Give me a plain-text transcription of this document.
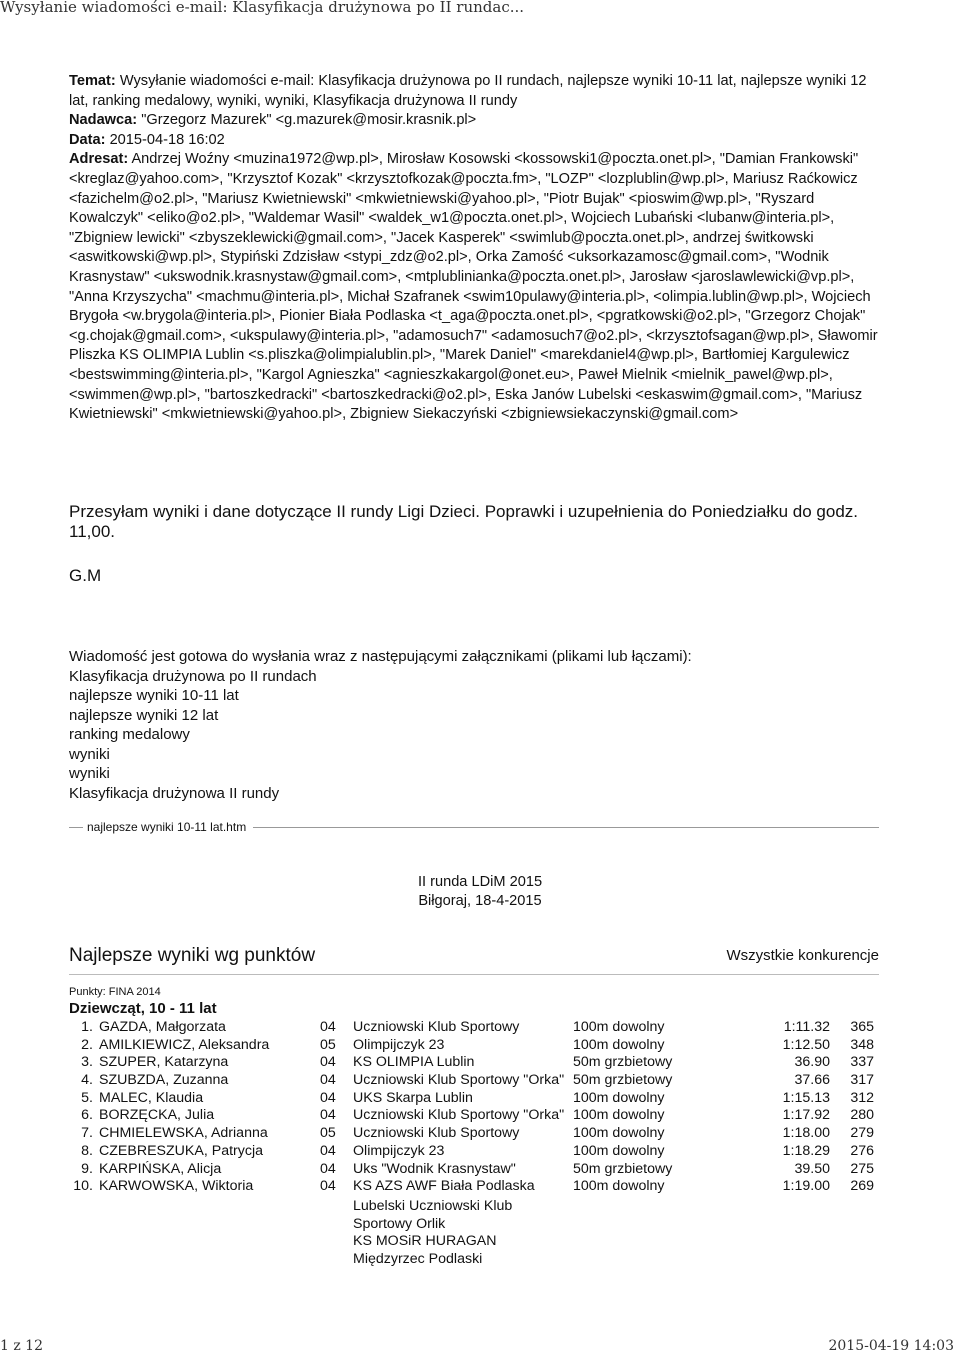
Wysyłanie wiadomości e-mail: Klasyfikacja drużynowa po II rundac...
Temat: Wysyłanie wiadomości e-mail: Klasyfikacja drużynowa po II rundach, najlepsze wyniki 10-11 lat, najlepsze wyniki 12 lat, ranking medalowy, wyniki, wyniki, Klasyfikacja drużynowa II rundy
Nadawca: "Grzegorz Mazurek" <g.mazurek@mosir.krasnik.pl>
Data: 2015-04-18 16:02
Adresat: Andrzej Woźny <muzina1972@wp.pl>, Mirosław Kosowski <kossowski1@poczta.onet.pl>, "Damian Frankowski" <kreglaz@yahoo.com>, "Krzysztof Kozak" <krzysztofkozak@poczta.fm>, "LOZP" <lozplublin@wp.pl>, Mariusz Raćkowicz <fazichelm@o2.pl>, "Mariusz Kwietniewski" <mkwietniewski@yahoo.pl>, "Piotr Bujak" <pioswim@wp.pl>, "Ryszard Kowalczyk" <eliko@o2.pl>, "Waldemar Wasil" <waldek_w1@poczta.onet.pl>, Wojciech Lubański <lubanw@interia.pl>, "Zbigniew lewicki" <zbyszeklewicki@gmail.com>, "Jacek Kasperek" <swimlub@poczta.onet.pl>, andrzej świtkowski <aswitkowski@wp.pl>, Stypiński Zdzisław <stypi_zdz@o2.pl>, Orka Zamość <uksorkazamosc@gmail.com>, "Wodnik Krasnystaw" <ukswodnik.krasnystaw@gmail.com>, <mtplublinianka@poczta.onet.pl>, Jarosław <jaroslawlewicki@vp.pl>, "Anna Krzyszycha" <machmu@interia.pl>, Michał Szafranek <swim10pulawy@interia.pl>, <olimpia.lublin@wp.pl>, Wojciech Brygoła <w.brygola@interia.pl>, Pionier Biała Podlaska <t_aga@poczta.onet.pl>, <pgratkowski@o2.pl>, "Grzegorz Chojak" <g.chojak@gmail.com>, <ukspulawy@interia.pl>, "adamosuch7" <adamosuch7@o2.pl>, <krzysztofsagan@wp.pl>, Sławomir Pliszka KS OLIMPIA Lublin <s.pliszka@olimpialublin.pl>, "Marek Daniel" <marekdaniel4@wp.pl>, Bartłomiej Kargulewicz <bestswimming@interia.pl>, "Kargol Agnieszka" <agnieszkakargol@onet.eu>, Paweł Mielnik <mielnik_pawel@wp.pl>, <swimmen@wp.pl>, "bartoszkedracki" <bartoszkedracki@o2.pl>, Eska Janów Lubelski <eskaswim@gmail.com>, "Mariusz Kwietniewski" <mkwietniewski@yahoo.pl>, Zbigniew Siekaczyński <zbigniewsiekaczynski@gmail.com>
Przesyłam wyniki i dane dotyczące II rundy Ligi Dzieci. Poprawki i uzupełnienia do Poniedziałku do godz. 11,00.
G.M
Wiadomość jest gotowa do wysłania wraz z następującymi załącznikami (plikami lub łączami):
Klasyfikacja drużynowa po II rundach
najlepsze wyniki 10-11 lat
najlepsze wyniki 12 lat
ranking medalowy
wyniki
wyniki
Klasyfikacja drużynowa II rundy
najlepsze wyniki 10-11 lat.htm
II runda LDiM 2015
Biłgoraj, 18-4-2015
Najlepsze wyniki wg punktów	Wszystkie konkurencje
Punkty: FINA 2014
Dziewcząt, 10 - 11 lat
1.	GAZDA, Małgorzata	04	Uczniowski Klub Sportowy	100m dowolny	1:11.32	365
2.	AMILKIEWICZ, Aleksandra	05	Olimpijczyk 23	100m dowolny	1:12.50	348
3.	SZUPER, Katarzyna	04	KS OLIMPIA Lublin	50m grzbietowy	36.90	337
4.	SZUBZDA, Zuzanna	04	Uczniowski Klub Sportowy "Orka"	50m grzbietowy	37.66	317
5.	MALEC, Klaudia	04	UKS Skarpa Lublin	100m dowolny	1:15.13	312
6.	BORZĘCKA, Julia	04	Uczniowski Klub Sportowy "Orka"	100m dowolny	1:17.92	280
7.	CHMIELEWSKA, Adrianna	05	Uczniowski Klub Sportowy	100m dowolny	1:18.00	279
8.	CZEBRESZUKA, Patrycja	04	Olimpijczyk 23	100m dowolny	1:18.29	276
9.	KARPIŃSKA, Alicja	04	Uks "Wodnik Krasnystaw"	50m grzbietowy	39.50	275
10.	KARWOWSKA, Wiktoria	04	KS AZS AWF Biała Podlaska	100m dowolny	1:19.00	269
Lubelski Uczniowski Klub
Sportowy Orlik
KS MOSiR HURAGAN
Międzyrzec Podlaski
1 z 12	2015-04-19 14:03
